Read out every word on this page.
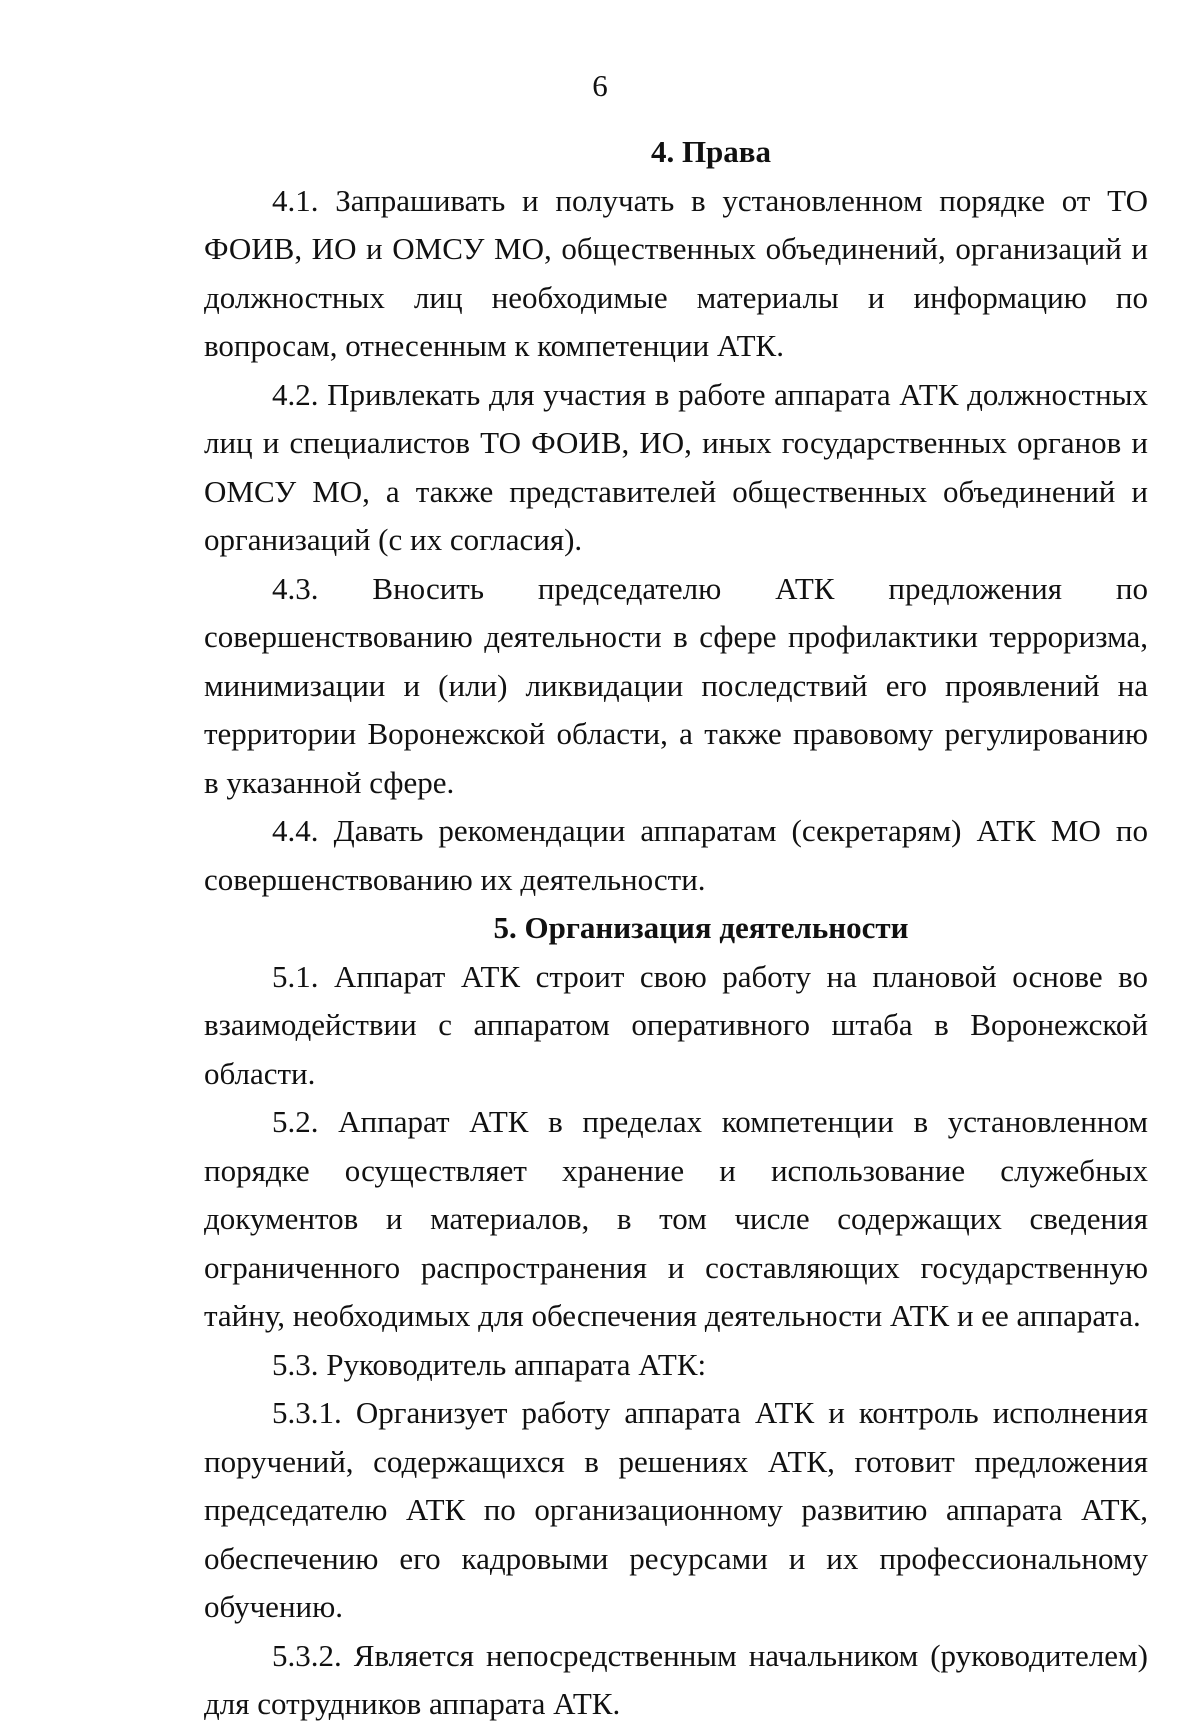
6
4. Права

4.1. Запрашивать и получать в установленном порядке от ТО ФОИВ, ИО и ОМСУ МО, общественных объединений, организаций и должностных лиц необходимые материалы и информацию по вопросам, отнесенным к компетенции АТК.

4.2. Привлекать для участия в работе аппарата АТК должностных лиц и специалистов ТО ФОИВ, ИО, иных государственных органов и ОМСУ МО, а также представителей общественных объединений и организаций (с их согласия).

4.3. Вносить председателю АТК предложения по совершенствованию деятельности в сфере профилактики терроризма, минимизации и (или) ликвидации последствий его проявлений на территории Воронежской области, а также правовому регулированию в указанной сфере.

4.4. Давать рекомендации аппаратам (секретарям) АТК МО по совершенствованию их деятельности.

5. Организация деятельности

5.1. Аппарат АТК строит свою работу на плановой основе во взаимодействии с аппаратом оперативного штаба в Воронежской области.

5.2. Аппарат АТК в пределах компетенции в установленном порядке осуществляет хранение и использование служебных документов и материалов, в том числе содержащих сведения ограниченного распространения и составляющих государственную тайну, необходимых для обеспечения деятельности АТК и ее аппарата.

5.3. Руководитель аппарата АТК:

5.3.1. Организует работу аппарата АТК и контроль исполнения поручений, содержащихся в решениях АТК, готовит предложения председателю АТК по организационному развитию аппарата АТК, обеспечению его кадровыми ресурсами и их профессиональному обучению.

5.3.2. Является непосредственным начальником (руководителем) для сотрудников аппарата АТК.
